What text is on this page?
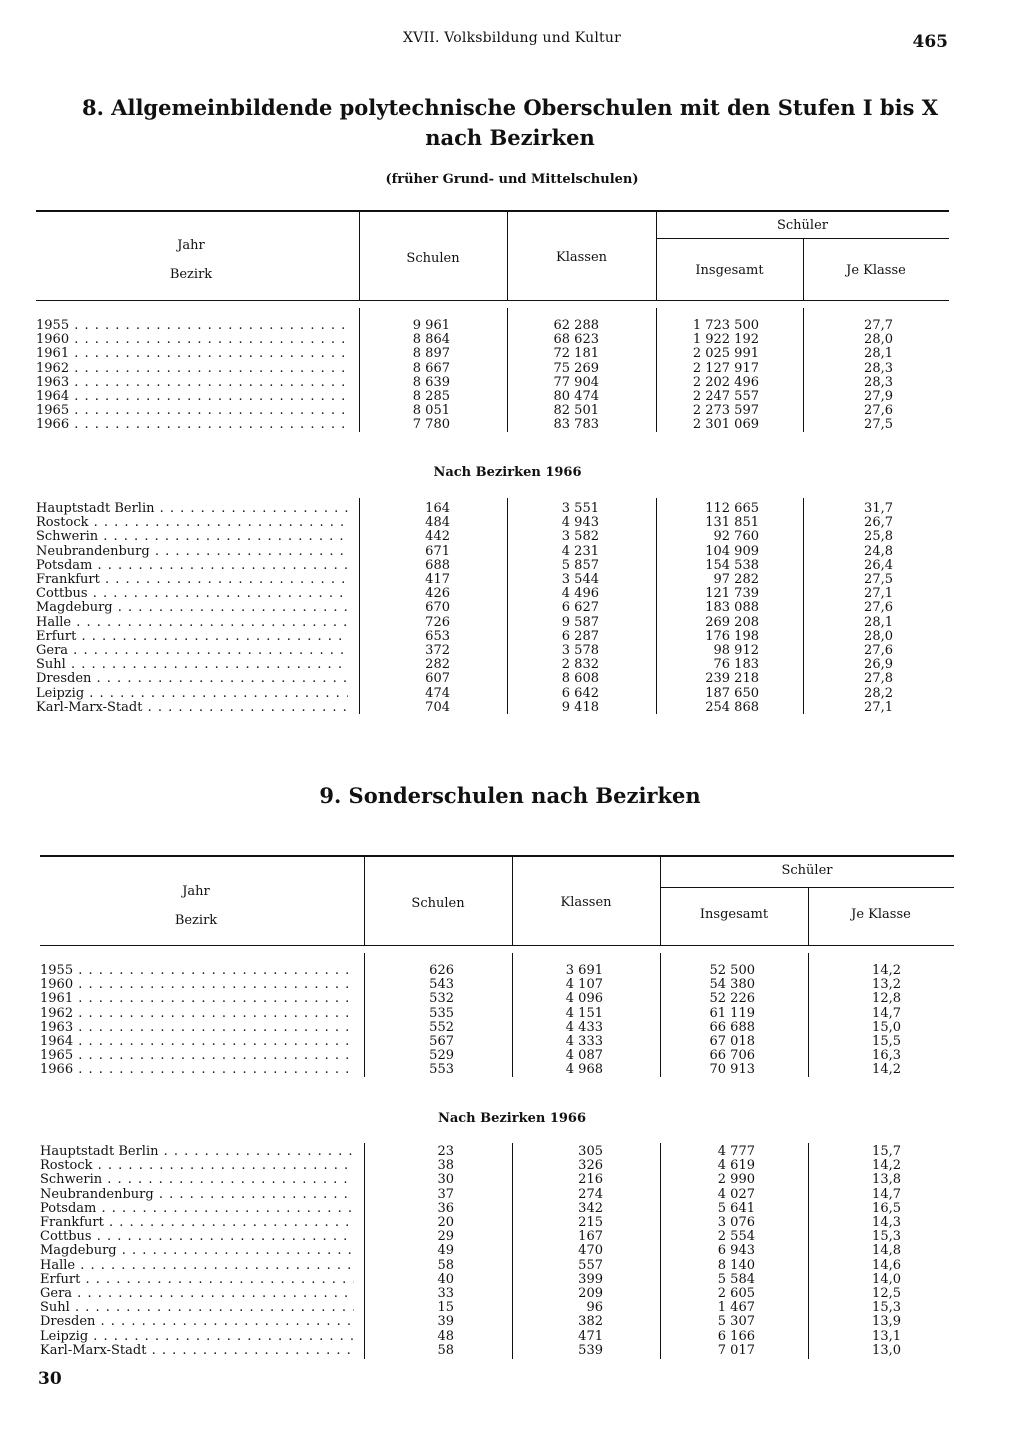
XVII. Volksbildung und Kultur	465
8. Allgemeinbildende polytechnische Oberschulen mit den Stufen I bis X
nach Bezirken
(früher Grund- und Mittelschulen)
Jahr
Bezirk
Schulen	Klassen
Schüler
Insgesamt	Je Klasse
1955 . . .	9 961	62 288	1 723 500	27,7
1960 . . .	8 864	68 623	1 922 192	28,0
1961 . . .	8 897	72 181	2 025 991	28,1
1962 . . .	8 667	75 269	2 127 917	28,3
1963 . . .	8 639	77 904	2 202 496	28,3
1964 . . .	8 285	80 474	2 247 557	27,9
1965 . . .	8 051	82 501	2 273 597	27,6
1966 . . .	7 780	83 783	2 301 069	27,5
Nach Bezirken 1966
Hauptstadt Berlin . . .	164	3 551	112 665	31,7
Rostock . . .	484	4 943	131 851	26,7
Schwerin . . .	442	3 582	92 760	25,8
Neubrandenburg . . .	671	4 231	104 909	24,8
Potsdam . . .	688	5 857	154 538	26,4
Frankfurt . . .	417	3 544	97 282	27,5
Cottbus . . .	426	4 496	121 739	27,1
Magdeburg . . .	670	6 627	183 088	27,6
Halle . . .	726	9 587	269 208	28,1
Erfurt . . .	653	6 287	176 198	28,0
Gera . . .	372	3 578	98 912	27,6
Suhl . . .	282	2 832	76 183	26,9
Dresden . . .	607	8 608	239 218	27,8
Leipzig . . .	474	6 642	187 650	28,2
Karl-Marx-Stadt . . .	704	9 418	254 868	27,1
9. Sonderschulen nach Bezirken
Jahr
Bezirk
Schulen	Klassen
Schüler
Insgesamt	Je Klasse
1955 . . .	626	3 691	52 500	14,2
1960 . . .	543	4 107	54 380	13,2
1961 . . .	532	4 096	52 226	12,8
1962 . . .	535	4 151	61 119	14,7
1963 . . .	552	4 433	66 688	15,0
1964 . . .	567	4 333	67 018	15,5
1965 . . .	529	4 087	66 706	16,3
1966 . . .	553	4 968	70 913	14,2
Nach Bezirken 1966
Hauptstadt Berlin . . .	23	305	4 777	15,7
Rostock . . .	38	326	4 619	14,2
Schwerin . . .	30	216	2 990	13,8
Neubrandenburg . . .	37	274	4 027	14,7
Potsdam . . .	36	342	5 641	16,5
Frankfurt . . .	20	215	3 076	14,3
Cottbus . . .	29	167	2 554	15,3
Magdeburg . . .	49	470	6 943	14,8
Halle . . .	58	557	8 140	14,6
Erfurt . . .	40	399	5 584	14,0
Gera . . .	33	209	2 605	12,5
Suhl . . .	15	96	1 467	15,3
Dresden . . .	39	382	5 307	13,9
Leipzig . . .	48	471	6 166	13,1
Karl-Marx-Stadt . . .	58	539	7 017	13,0
30
